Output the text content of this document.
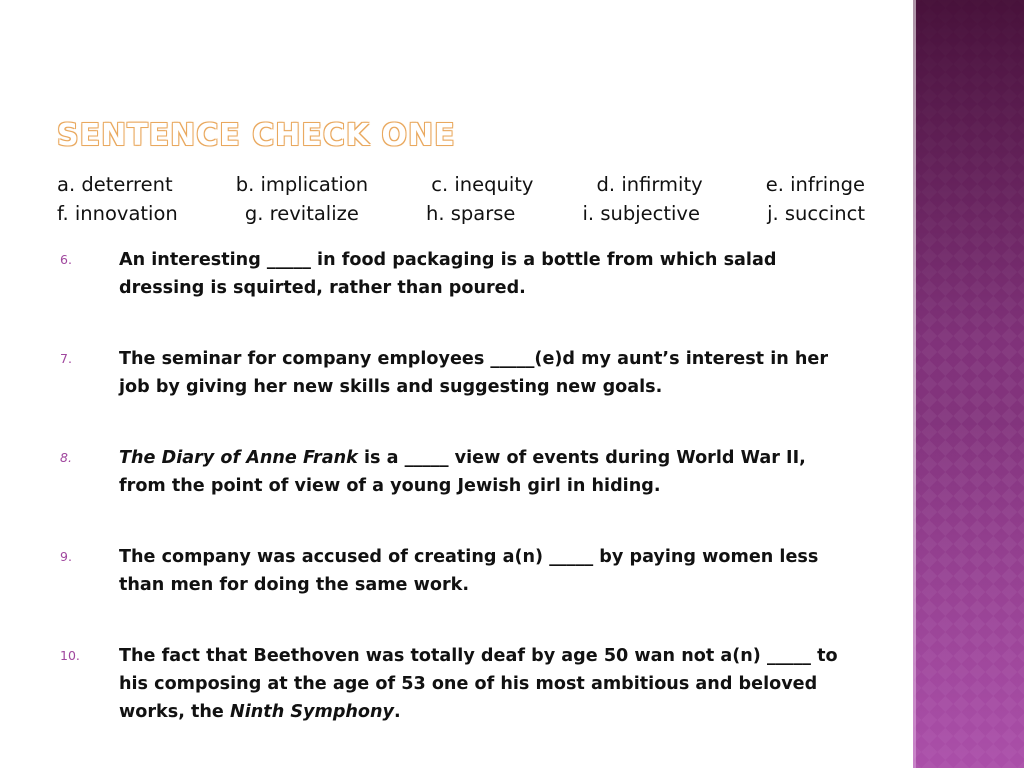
SENTENCE CHECK ONE
a. deterrent	b. implication	c. inequity	d. infirmity	e. infringe
f. innovation	g. revitalize	h. sparse	i. subjective	j. succinct
6.	An interesting _____ in food packaging is a bottle from which salad dressing is squirted, rather than poured.
7.	The seminar for company employees _____(e)d my aunt’s interest in her job by giving her new skills and suggesting new goals.
8.	The Diary of Anne Frank is a _____ view of events during World War II, from the point of view of a young Jewish girl in hiding.
9.	The company was accused of creating a(n) _____ by paying women less than men for doing the same work.
10. The fact that Beethoven was totally deaf by age 50 wan not a(n) _____ to his composing at the age of 53 one of his most ambitious and beloved works, the Ninth Symphony.
